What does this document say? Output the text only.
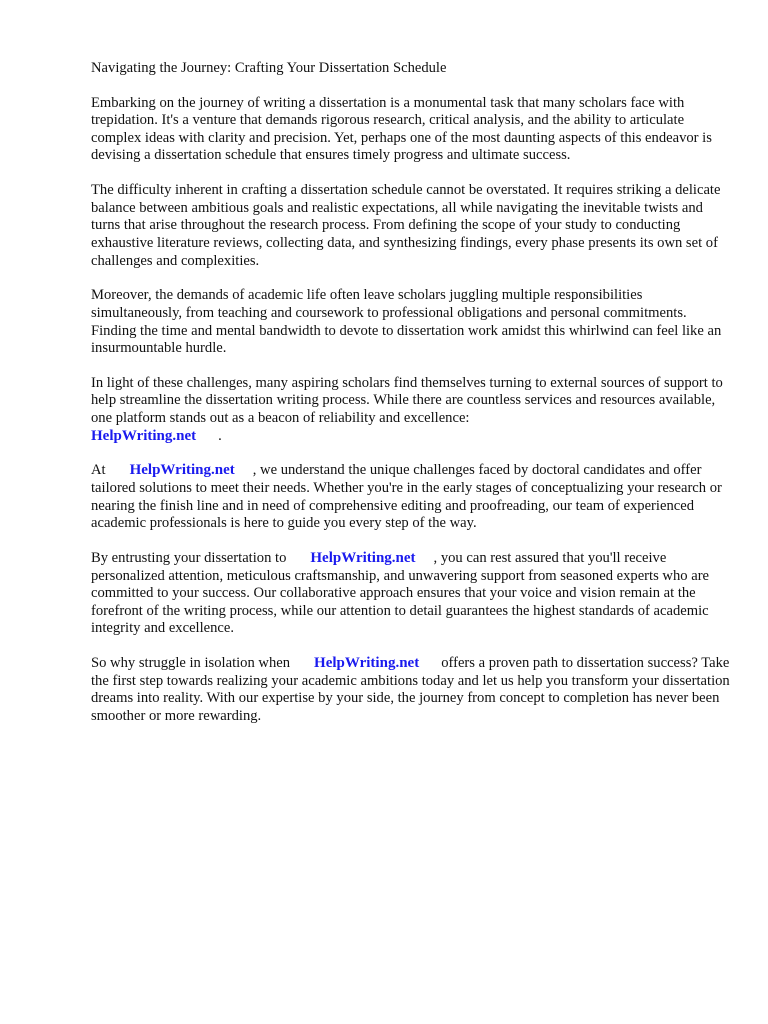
Navigating the Journey: Crafting Your Dissertation Schedule

Embarking on the journey of writing a dissertation is a monumental task that many scholars face with trepidation. It's a venture that demands rigorous research, critical analysis, and the ability to articulate complex ideas with clarity and precision. Yet, perhaps one of the most daunting aspects of this endeavor is devising a dissertation schedule that ensures timely progress and ultimate success.

The difficulty inherent in crafting a dissertation schedule cannot be overstated. It requires striking a delicate balance between ambitious goals and realistic expectations, all while navigating the inevitable twists and turns that arise throughout the research process. From defining the scope of your study to conducting exhaustive literature reviews, collecting data, and synthesizing findings, every phase presents its own set of challenges and complexities.

Moreover, the demands of academic life often leave scholars juggling multiple responsibilities simultaneously, from teaching and coursework to professional obligations and personal commitments. Finding the time and mental bandwidth to devote to dissertation work amidst this whirlwind can feel like an insurmountable hurdle.

In light of these challenges, many aspiring scholars find themselves turning to external sources of support to help streamline the dissertation writing process. While there are countless services and resources available, one platform stands out as a beacon of reliability and excellence:
HelpWriting.net .

At HelpWriting.net , we understand the unique challenges faced by doctoral candidates and offer tailored solutions to meet their needs. Whether you're in the early stages of conceptualizing your research or nearing the finish line and in need of comprehensive editing and proofreading, our team of experienced academic professionals is here to guide you every step of the way.

By entrusting your dissertation to HelpWriting.net , you can rest assured that you'll receive personalized attention, meticulous craftsmanship, and unwavering support from seasoned experts who are committed to your success. Our collaborative approach ensures that your voice and vision remain at the forefront of the writing process, while our attention to detail guarantees the highest standards of academic integrity and excellence.

So why struggle in isolation when HelpWriting.net offers a proven path to dissertation success? Take the first step towards realizing your academic ambitions today and let us help you transform your dissertation dreams into reality. With our expertise by your side, the journey from concept to completion has never been smoother or more rewarding.
